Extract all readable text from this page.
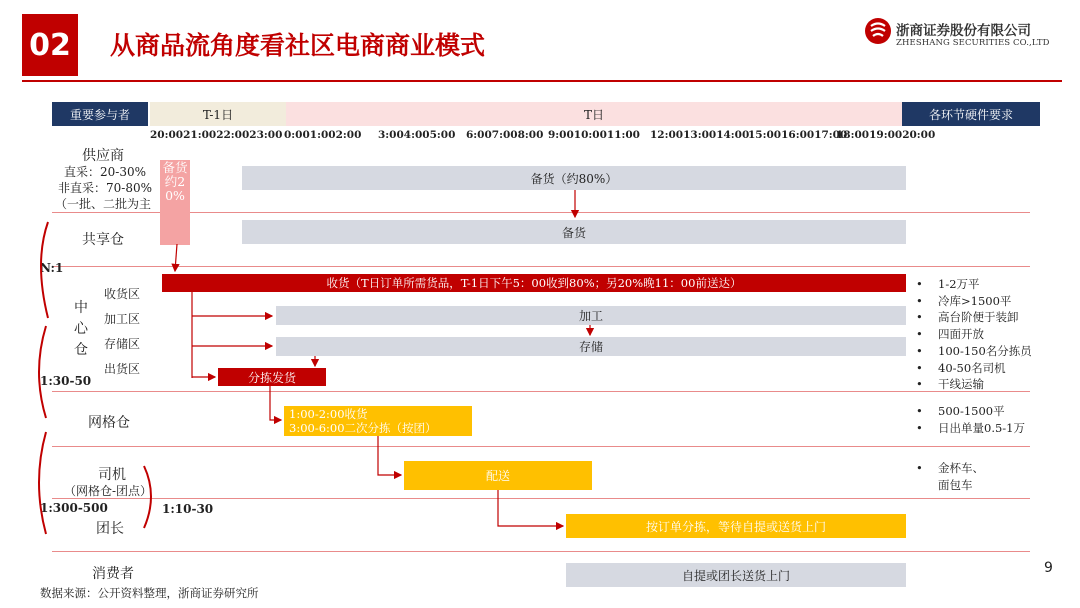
02 从商品流角度看社区电商商业模式	浙商证券股份有限公司
ZHESHANG SECURITIES CO.,LTD
重要参与者	T-1日	T日	各环节硬件要求
20:0021:0022:0023:00 0:001:002:00 3:004:005:00 6:007:008:00 9:0010:0011:00 12:0013:0014:00
15:0016:0017:00
18:0019:0020:00
供应商
直采：20-30%
非直采：70-80%
（一批、二批为主
共享仓
N:1
中心仓
收货区
加工区
存储区
出货区
1:30-50
网格仓
司机
（网格仓-团点）
1:300-500	1:10-30
团长
消费者
备货约20%
备货（约80%）
备货
收货（T日订单所需货品，T-1日下午5：00收到80%；另20%晚11：00前送达）
加工
存储
分拣发货
1:00-2:00收货
3:00-6:00二次分拣（按团）
配送
按订单分拣，等待自提或送货上门
自提或团长送货上门
• 1-2万平
• 冷库>1500平
• 高台阶便于装卸
• 四面开放
• 100-150名分拣员
• 40-50名司机
• 干线运输
• 500-1500平
• 日出单量0.5-1万
• 金杯车、
面包车
数据来源：公开资料整理，浙商证券研究所
9
